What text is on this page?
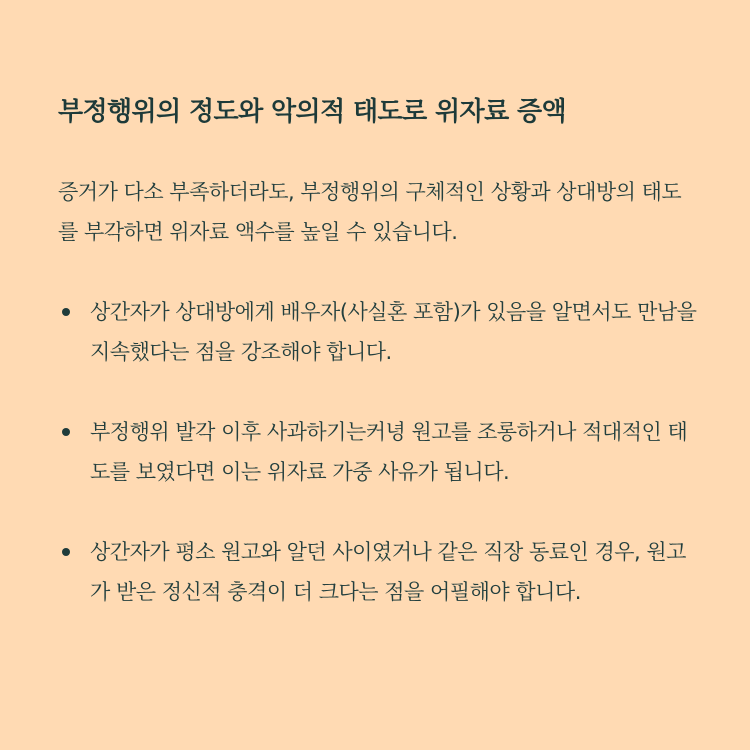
부정행위의 정도와 악의적 태도로 위자료 증액

증거가 다소 부족하더라도, 부정행위의 구체적인 상황과 상대방의 태도를 부각하면 위자료 액수를 높일 수 있습니다.

상간자가 상대방에게 배우자(사실혼 포함)가 있음을 알면서도 만남을 지속했다는 점을 강조해야 합니다.
부정행위 발각 이후 사과하기는커녕 원고를 조롱하거나 적대적인 태도를 보였다면 이는 위자료 가중 사유가 됩니다.
상간자가 평소 원고와 알던 사이였거나 같은 직장 동료인 경우, 원고가 받은 정신적 충격이 더 크다는 점을 어필해야 합니다.
